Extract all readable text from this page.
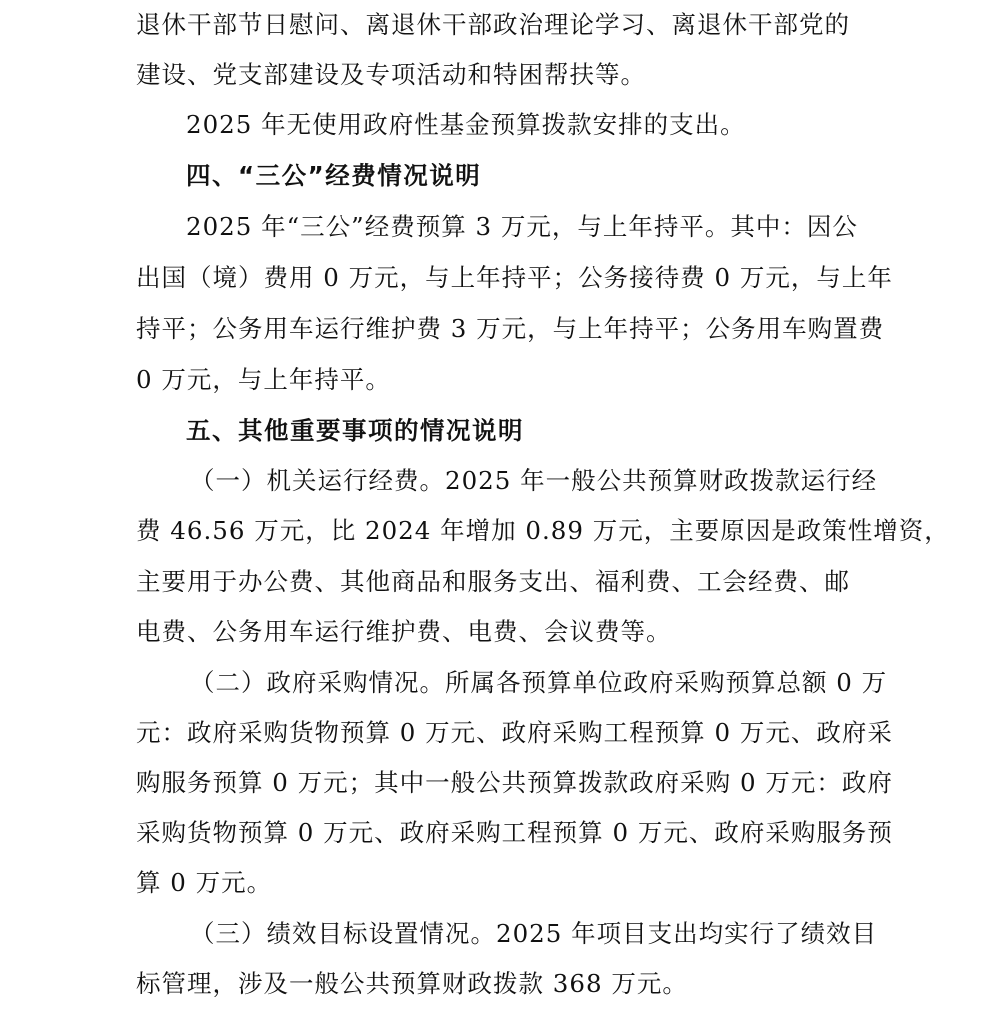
退休干部节日慰问、离退休干部政治理论学习、离退休干部党的
建设、党支部建设及专项活动和特困帮扶等。
2025 年无使用政府性基金预算拨款安排的支出。
四、“三公”经费情况说明
2025 年“三公”经费预算 3 万元，与上年持平。其中：因公
出国（境）费用 0 万元，与上年持平；公务接待费 0 万元，与上年
持平；公务用车运行维护费 3 万元，与上年持平；公务用车购置费
0 万元，与上年持平。
五、其他重要事项的情况说明
（一）机关运行经费。2025 年一般公共预算财政拨款运行经
费 46.56 万元，比 2024 年增加 0.89 万元，主要原因是政策性增资，
主要用于办公费、其他商品和服务支出、福利费、工会经费、邮
电费、公务用车运行维护费、电费、会议费等。
（二）政府采购情况。所属各预算单位政府采购预算总额 0 万
元：政府采购货物预算 0 万元、政府采购工程预算 0 万元、政府采
购服务预算 0 万元；其中一般公共预算拨款政府采购 0 万元：政府
采购货物预算 0 万元、政府采购工程预算 0 万元、政府采购服务预
算 0 万元。
（三）绩效目标设置情况。2025 年项目支出均实行了绩效目
标管理，涉及一般公共预算财政拨款 368 万元。
